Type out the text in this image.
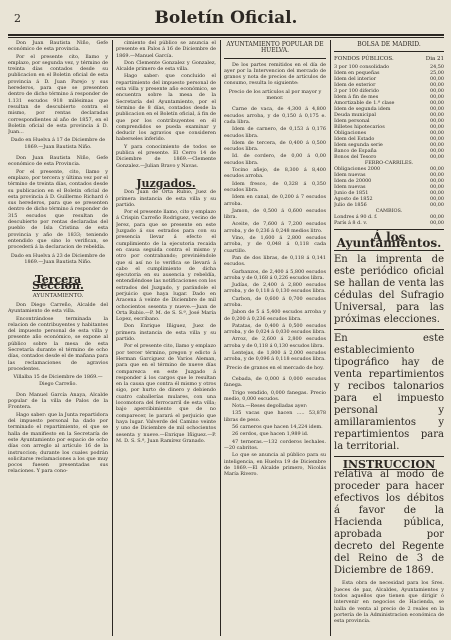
2	Boletín Oficial.

Don Juan Bautista Niño, Gefe económico de esta provincia.

Por el presente cito, llamo y emplazo, por segunda vez, y término de treinta días contados desde su publicacion en el Boletin oficial de esta provincia á D. Juan Parejo y sus herederos, para que se presenten dentro de dicho término á responder de 1.131 escudos 918 milésimas que resultan de descubierto contra el mismo, por rentas declaradas correspondientes al año de 1857, en el Boletin oficial de esta provincia á D. Juan...

Dado en Huelva á 17 de Diciembre de 1869.—Juan Bautista Niño.

Don Juan Bautista Niño, Gefe económico de esta Provincia.

Por el presente, cito, llamo y emplazo, por tercera y última vez por el término de treinta días, contados desde su publicacion en el Boletin oficial de esta provincia á D. Guillermo Richard ó sus herederos, para que se presenten dentro de dicho término á responder de 315 escudos que resultan de descubierto por rentas declaradas del pueblo de Isla Cristina de esta provincia y año de 1833; teniendo entendido que sino lo verifican, se procederá á la declaracion de rebeldía.

Dado en Huelva á 23 de Diciembre de 1869.—Juan Bautista Niño.

Tercera Seccion.
AYUNTAMIENTO.

Don Diego Carreño, Alcalde del Ayuntamiento de esta villa.

Encontrándose terminada la relacion de contribuyentes y habitantes del impuesto personal de esta villa y presente año económico, se expone al público sobre la mesa de esta Secretaría durante el término de ocho días, contados desde el de mañana para las reclamaciones de agravios procedentes.

Villalba 15 de Diciembre de 1869.—Diego Carreño.

Don Manuel García Anaya, Alcalde popular de la villa de Palos de la Frontera.

Hago saber: que la Junta repartidora del impuesto personal ha dado por terminado el repartimiento, el que se halla de manifiesto en la Secretaría de este Ayuntamiento por espacio de ocho días con arreglo al artículo 16 de la instruccion; durante los cuales podrán solicitarse reclamaciones a los que muy pocos fuesen presentadas sus relaciones. Y para cono-

cimiento del público se anuncia el presente en Palos á 16 de Diciembre de 1869.—Manuel García.

Don Clemente Gonzalez y Gonzalez, Alcalde primero de esta villa.

Hago saber: que concluido el repartimiento del impuesto personal de esta villa y presente año económico, se encuentra sobre la mesa de la Secretaría del Ayuntamiento, por el término de 8 días, contados desde la publicacion en el Boletín oficial, á fin de que por los contribuyentes en él comprendidos se pueda examinar y deducir los agravios que consideren haberseles inferido.

Y para conocimiento de todos se publica el presente. El Cerro 14 de Diciembre de 1869.—Clemente Gonzalez.—Julian Bravo y Navas.

Juzgados.

Don Juan de Orta Rubio, Juez de primera instancia de esta villa y su partido.

Por el presente llamo, cito y emplazo á Crispin Carreño Rodriguez, vecino de Jerez, para que se presente en este Juzgado á sus estrados para con su presencia llevar á efecto el cumplimiento de la ejecutoria recaida en causa seguida contra el mismo y otro por contrabando; previniéndole que si así no lo verifica se llevará á cabo el cumplimiento de dicha ejecutoria en su ausencia y rebeldía, entendiéndose las notificaciones con los estrados del Juzgado, y parándole el perjuicio que haya lugar. Dado en Aracena á veinte de Diciembre de mil ochocientos sesenta y nueve.—Juan de Orta Rubio.—P. M. de S. S.ª, José María Lopez, escribano.

Don Enrique Iñiguez, Juez de primera instancia de esta villa y su partido.

Por el presente cito, llamo y emplazo por tercer término, pregon y edicto á Herman Garciguez de Varios Aleman, para que en el término de nueve días comparezca en este Juzgado á responder á los cargos que le resultan en la causa que contra él mismo y otros sigo, por hurto de dinero y debiendo cuatro caballerías mulares, con una locomotora del ferrocarril de esta villa; bajo apercibimiento que de no comparecer, le parará el perjuicio que haya lugar. Valverde del Camino veinte y uno de Diciembre de mil ochocientos sesenta y nueve.—Enrique Iñiguez.—P. M. D. S. S.ª, Juan Ramírez Granado.

AYUNTAMIENTO POPULAR DE HUELVA.

De los partes remitidos en el día de ayer por la Intervencion del mercado de granos y nota de precios de artículos de consumo, resulta lo siguiente:

Precio de los artículos al por mayor y menor.

Carne de vaca, de 4,300 á 4,800 escudos arroba, y de 0,150 á 0,175 e. cada libra.

Idem de carnero, de 0,153 á 0,176 escudos libra.

Idem de tercera, de 0,400 á 0,500 escudos libra.

Id. de cordero, de 0,00 á 0,00 escudos libra.

Tocino añejo, de 8,300 á 8,400 escudos arroba.

Idem fresco, de 0,328 á 0,350 escudos libra.

Idem en canal, de 0,200 á 7 escudos arroba.

Jamon, de 0,500 á 0,600 escudos libra.

Aceite, de 7,600 á 7,200 escudos arroba, y de 0,236 á 0,248 medios litro.

Vino, de 1,600 á 2,800 escudos arroba, y de 0,048 á 0,118 cada cuartillo.

Pan de dos libras, de 0,118 á 0,141 escudos.

Garbanzos, de 2,400 á 5,800 escudos arroba y de 0,168 á 0,226 escudos libra.

Judías, de 2,400 á 2,800 escudos arroba, y de 0,118 á 0,130 escudos libra.

Carbon, de 0,600 á 0,700 escudos arroba.

Jabon de 5 á 5,400 escudos arroba y de 0,200 á 0,236 escudos libra.

Patatas, de 0,400 á 0,500 escudos arroba, y de 0,024 á 0,030 escudos libra.

Arroz, de 2,600 á 2,800 escudos arroba y de 0,118 á 0,130 escudos libra.

Lentejas, de 1,800 á 2,000 escudos arroba, y de 0,096 á 0,118 escudos libra.

Precio de granos en el mercado de hoy.

Cebada, de 0,000 á 0,000 escudos fanega.

Trigo vendido, 0,000 fanegas. Precio medio, 0,000 escudos.

Nota.—Reses degolladas ayer:

135 vacas que hacen ..... 53,878 libras de peso.

56 carneros que hacen 14,224 idem.

26 cerdos, que hacen 1,989 id.

47 terneras.—132 corderos lechales.—20 cabritos.

Lo que se anuncia al público para su inteligencia, en Huelva 19 de Diciembre de 1869.—El Alcalde primero, Nicolás María Rivero.

BOLSA DE MADRID.
FONDOS PÚBLICOS.	Dia 21
3 por 100 consolidado	24,50
Idem en pequeñas	25,00
Idem del interior	00,00
Idem de exterior	00,00
3 por 100 diferido	00,00
Idem á fin de mes	00,00
Amortizable de 1.ª clase	00,00
Idem de segunda idem	00,00
Deuda municipal	00,00
Idem personal	00,00
Billetes hipotecarios	00,00
Obligaciones	00,00
Idem del Estado	00,00
Idem segunda serie	00,00
Banco de España	00,00
Bonos del Tesoro	00,00
FERRO-CARRILES.	
Obligaciones 2000	00,00
Idem nuevas	00,00
Idem de 20000	00,00
Idem nuevas	00,00
Junio de 1851	00,00
Agosto de 1852	00,00
Julio de 1856	00,00
CAMBIOS.	
Londres á 90 d. f.	00,00
París á 8 d. v.	00,00
Á los Ayuntamientos.

En la imprenta de este periódico oficial se hallan de venta las cédulas del Sufragio Universal, para las próximas elecciones.

En este establecimiento tipográfico hay de venta repartimientos y recibos talonarios para el impuesto personal y amillaramientos y repartimientos para la territorial.

INSTRUCCION

relativa al modo de proceder para hacer efectivos los débitos á favor de la Hacienda pública, aprobada por decreto del Regente del Reino de 3 de Diciembre de 1869.

Esta obra de necesidad para los Sres. Jueces de paz, Alcaldes, Ayuntamientos y todos aquellos que tienen que dirigir ó intervenir en negocios de Hacienda, se halla de venta al precio de 2 reales en la portería de la Administracion económica de esta provincia.
